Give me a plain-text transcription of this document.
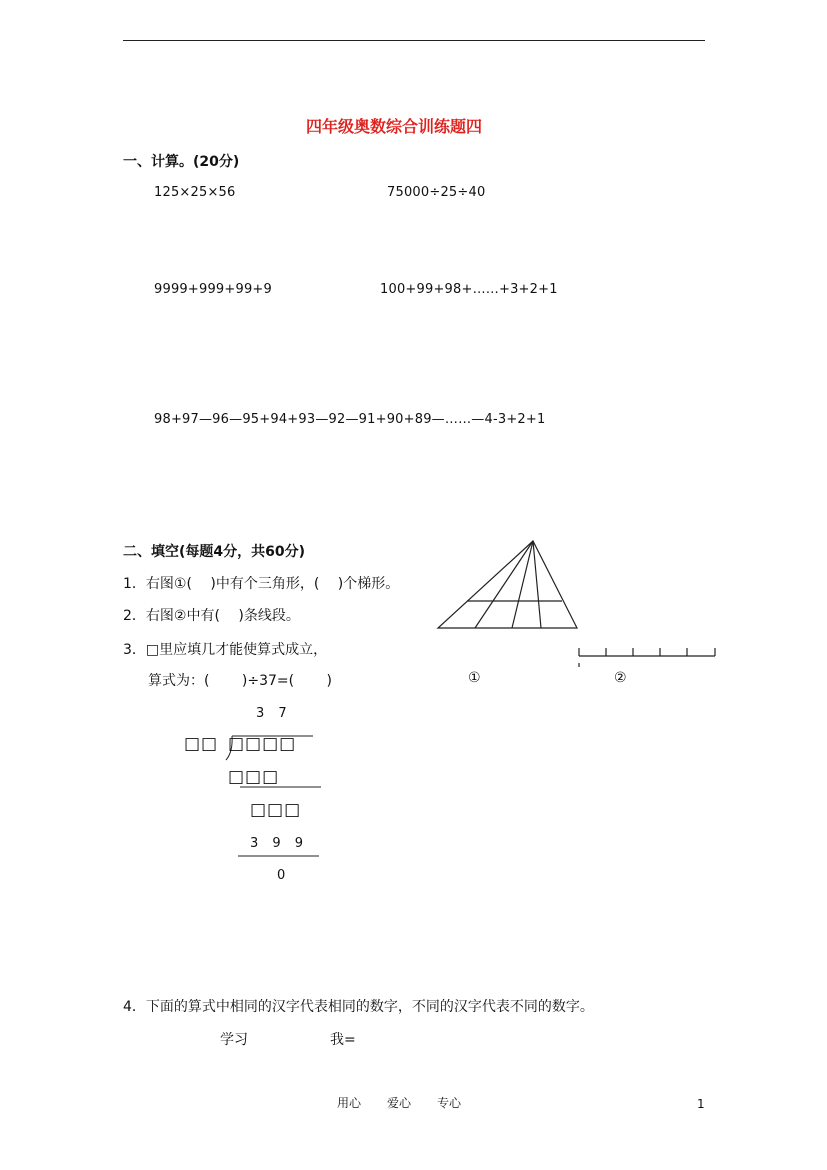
四年级奥数综合训练题四
一、计算。(20分)
125×25×56	75000÷25÷40
9999+999+99+9	100+99+98+……+3+2+1
98+97—96—95+94+93—92—91+90+89—……—4-3+2+1
二、填空(每题4分，共60分)
1．右图①(　 )中有个三角形，(　 )个梯形。
2．右图②中有(　 )条线段。
3．□里应填几才能使算式成立，
算式为：(　　 )÷37=(　　 )	①	②
3 7
□□ □□□□
□□□
□□□
3 9 9
0
4．下面的算式中相同的汉字代表相同的数字，不同的汉字代表不同的数字。
学习	我=
用心 爱心 专心	1
